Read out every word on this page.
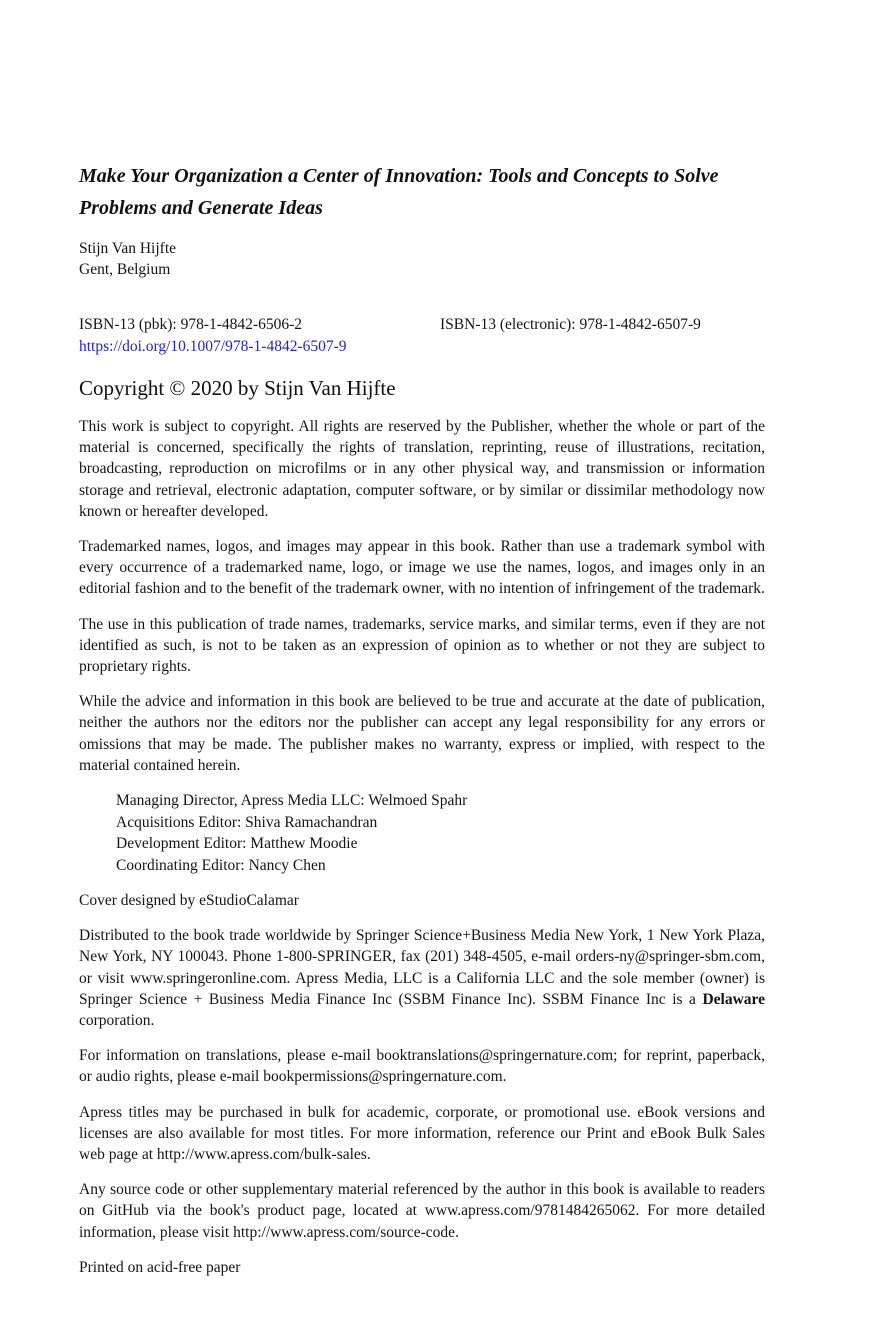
Make Your Organization a Center of Innovation: Tools and Concepts to Solve Problems and Generate Ideas
Stijn Van Hijfte
Gent, Belgium
ISBN-13 (pbk): 978-1-4842-6506-2	ISBN-13 (electronic): 978-1-4842-6507-9
https://doi.org/10.1007/978-1-4842-6507-9
Copyright © 2020 by Stijn Van Hijfte

This work is subject to copyright. All rights are reserved by the Publisher, whether the whole or part of the material is concerned, specifically the rights of translation, reprinting, reuse of illustrations, recitation, broadcasting, reproduction on microfilms or in any other physical way, and transmission or information storage and retrieval, electronic adaptation, computer software, or by similar or dissimilar methodology now known or hereafter developed.

Trademarked names, logos, and images may appear in this book. Rather than use a trademark symbol with every occurrence of a trademarked name, logo, or image we use the names, logos, and images only in an editorial fashion and to the benefit of the trademark owner, with no intention of infringement of the trademark.

The use in this publication of trade names, trademarks, service marks, and similar terms, even if they are not identified as such, is not to be taken as an expression of opinion as to whether or not they are subject to proprietary rights.

While the advice and information in this book are believed to be true and accurate at the date of publication, neither the authors nor the editors nor the publisher can accept any legal responsibility for any errors or omissions that may be made. The publisher makes no warranty, express or implied, with respect to the material contained herein.

Managing Director, Apress Media LLC: Welmoed Spahr
Acquisitions Editor: Shiva Ramachandran
Development Editor: Matthew Moodie
Coordinating Editor: Nancy Chen

Cover designed by eStudioCalamar

Distributed to the book trade worldwide by Springer Science+Business Media New York, 1 New York Plaza, New York, NY 100043. Phone 1-800-SPRINGER, fax (201) 348-4505, e-mail orders-ny@springer-sbm.com, or visit www.springeronline.com. Apress Media, LLC is a California LLC and the sole member (owner) is Springer Science + Business Media Finance Inc (SSBM Finance Inc). SSBM Finance Inc is a Delaware corporation.

For information on translations, please e-mail booktranslations@springernature.com; for reprint, paperback, or audio rights, please e-mail bookpermissions@springernature.com.

Apress titles may be purchased in bulk for academic, corporate, or promotional use. eBook versions and licenses are also available for most titles. For more information, reference our Print and eBook Bulk Sales web page at http://www.apress.com/bulk-sales.

Any source code or other supplementary material referenced by the author in this book is available to readers on GitHub via the book's product page, located at www.apress.com/9781484265062. For more detailed information, please visit http://www.apress.com/source-code.

Printed on acid-free paper
